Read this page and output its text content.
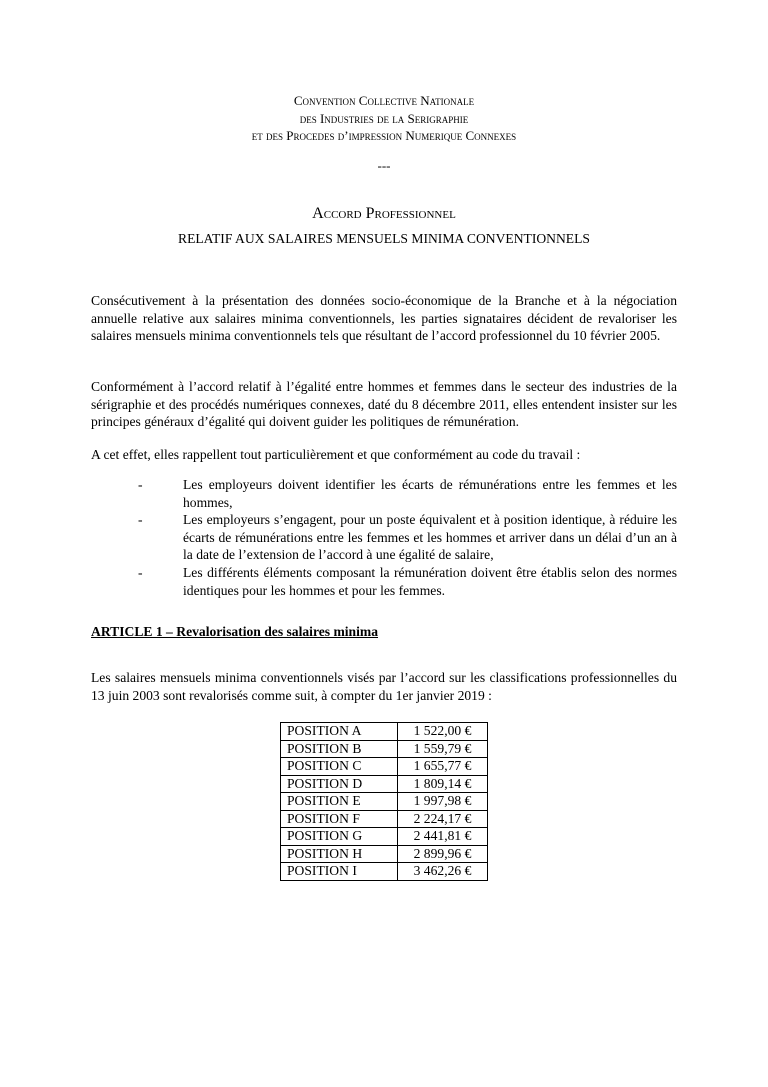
Convention Collective Nationale
des Industries de la Serigraphie
et des Procedes d’impression Numerique Connexes
---
Accord Professionnel
RELATIF AUX SALAIRES MENSUELS MINIMA CONVENTIONNELS
Consécutivement à la présentation des données socio-économique de la Branche et à la négociation annuelle relative aux salaires minima conventionnels, les parties signataires décident de revaloriser les salaires mensuels minima conventionnels tels que résultant de l’accord professionnel du 10 février 2005.
Conformément à l’accord relatif à l’égalité entre hommes et femmes dans le secteur des industries de la sérigraphie et des procédés numériques connexes, daté du 8 décembre 2011, elles entendent insister sur les principes généraux d’égalité qui doivent guider les politiques de rémunération.
A cet effet, elles rappellent tout particulièrement et que conformément au code du travail :
-	Les employeurs doivent identifier les écarts de rémunérations entre les femmes et les hommes,
-	Les employeurs s’engagent, pour un poste équivalent et à position identique, à réduire les écarts de rémunérations entre les femmes et les hommes et arriver dans un délai d’un an à la date de l’extension de l’accord à une égalité de salaire,
-	Les différents éléments composant la rémunération doivent être établis selon des normes identiques pour les hommes et pour les femmes.
ARTICLE 1 – Revalorisation des salaires minima
Les salaires mensuels minima conventionnels visés par l’accord sur les classifications professionnelles du 13 juin 2003 sont revalorisés comme suit, à compter du 1er janvier 2019 :
POSITION A	1 522,00 €
POSITION B	1 559,79 €
POSITION C	1 655,77 €
POSITION D	1 809,14 €
POSITION E	1 997,98 €
POSITION F	2 224,17 €
POSITION G	2 441,81 €
POSITION H	2 899,96 €
POSITION I	3 462,26 €
